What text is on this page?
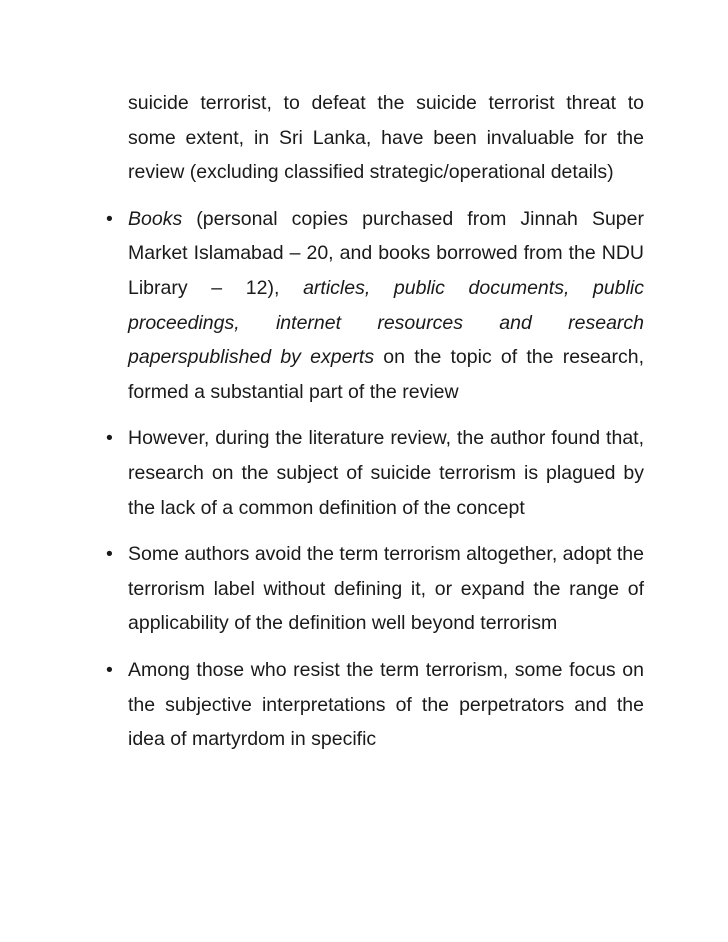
suicide terrorist, to defeat the suicide terrorist threat to some extent, in Sri Lanka, have been invaluable for the review (excluding classified strategic/operational details)

• Books (personal copies purchased from Jinnah Super Market Islamabad – 20, and books borrowed from the NDU Library – 12), articles, public documents, public proceedings, internet resources and research paperspublished by experts on the topic of the research, formed a substantial part of the review

• However, during the literature review, the author found that, research on the subject of suicide terrorism is plagued by the lack of a common definition of the concept

• Some authors avoid the term terrorism altogether, adopt the terrorism label without defining it, or expand the range of applicability of the definition well beyond terrorism

• Among those who resist the term terrorism, some focus on the subjective interpretations of the perpetrators and the idea of martyrdom in specific
